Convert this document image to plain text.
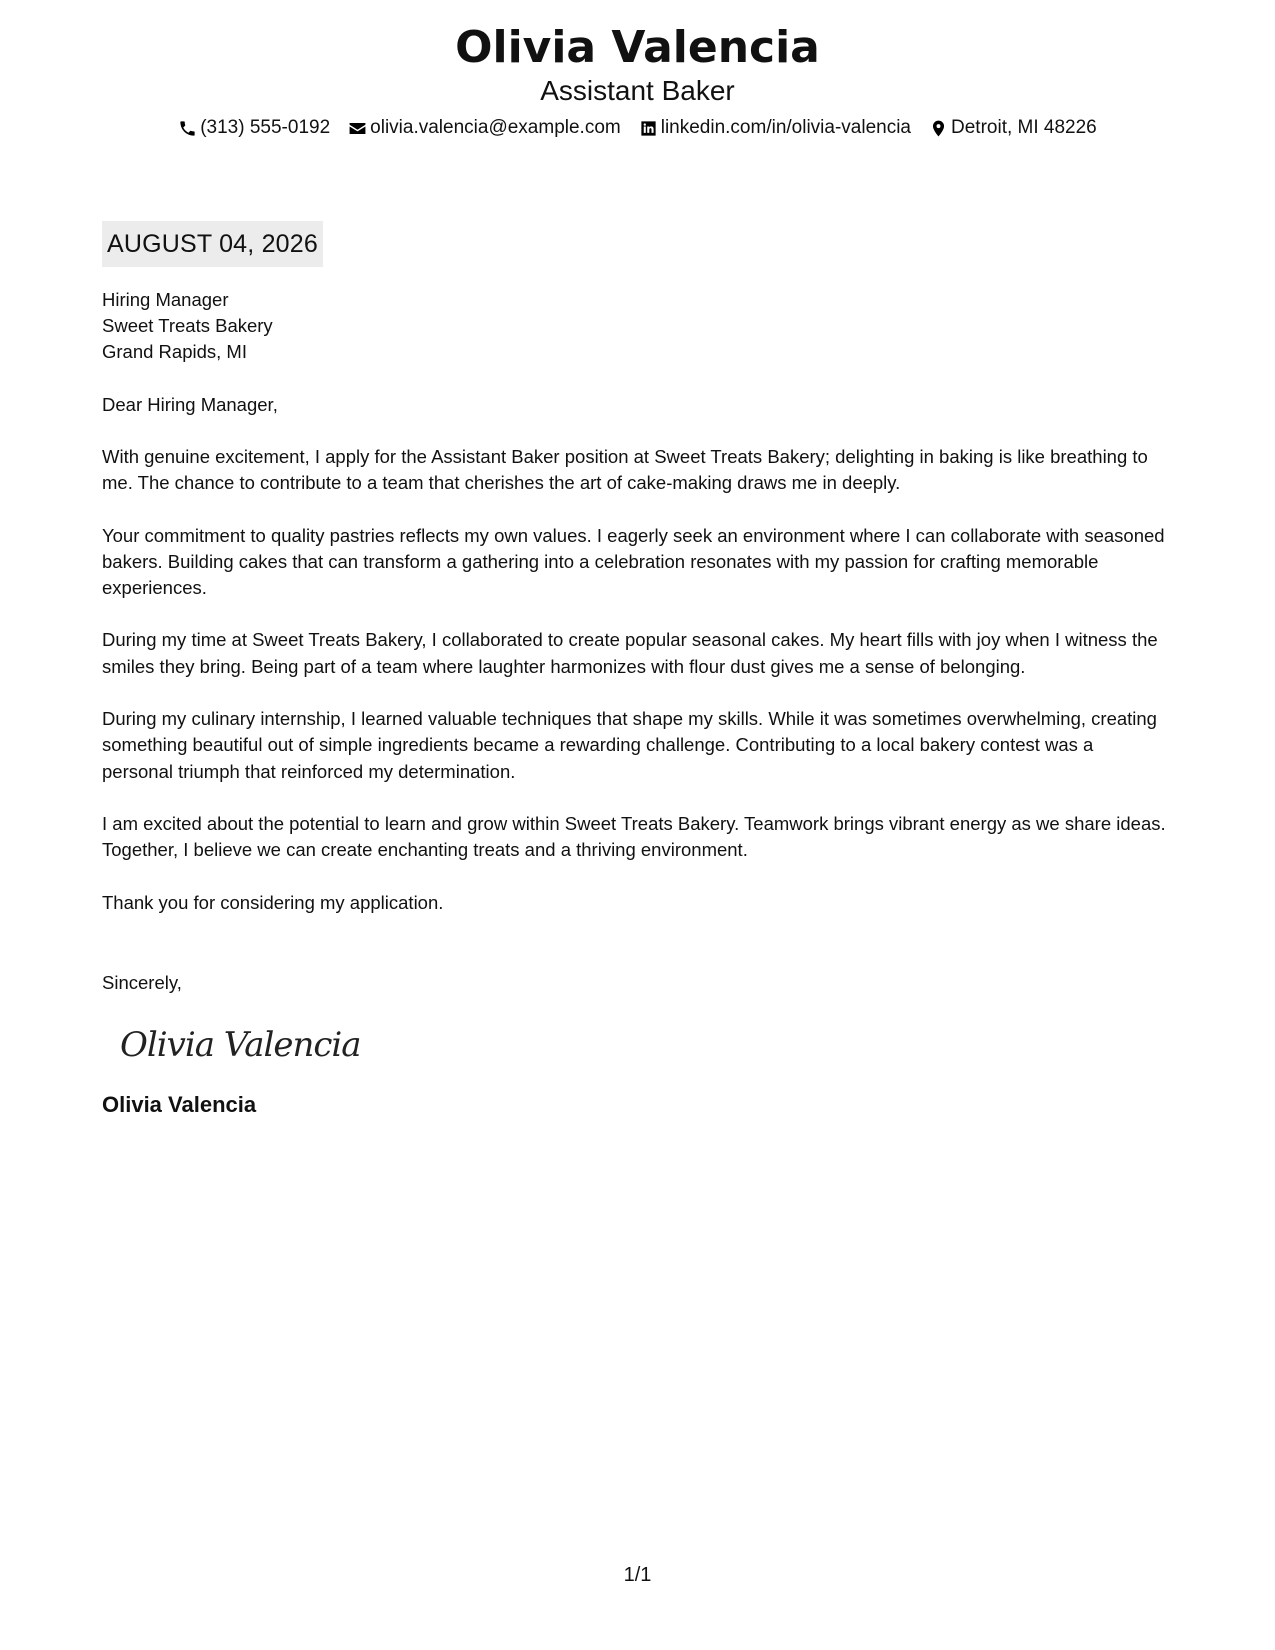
Olivia Valencia
Assistant Baker
(313) 555-0192 olivia.valencia@example.com linkedin.com/in/olivia-valencia Detroit, MI 48226
AUGUST 04, 2026
Hiring Manager
Sweet Treats Bakery
Grand Rapids, MI
Dear Hiring Manager,

With genuine excitement, I apply for the Assistant Baker position at Sweet Treats Bakery; delighting in baking is like breathing to me. The chance to contribute to a team that cherishes the art of cake-making draws me in deeply.

Your commitment to quality pastries reflects my own values. I eagerly seek an environment where I can collaborate with seasoned bakers. Building cakes that can transform a gathering into a celebration resonates with my passion for crafting memorable experiences.

During my time at Sweet Treats Bakery, I collaborated to create popular seasonal cakes. My heart fills with joy when I witness the smiles they bring. Being part of a team where laughter harmonizes with flour dust gives me a sense of belonging.

During my culinary internship, I learned valuable techniques that shape my skills. While it was sometimes overwhelming, creating something beautiful out of simple ingredients became a rewarding challenge. Contributing to a local bakery contest was a personal triumph that reinforced my determination.

I am excited about the potential to learn and grow within Sweet Treats Bakery. Teamwork brings vibrant energy as we share ideas. Together, I believe we can create enchanting treats and a thriving environment.

Thank you for considering my application.

Sincerely,
Olivia Valencia
Olivia Valencia
1/1
